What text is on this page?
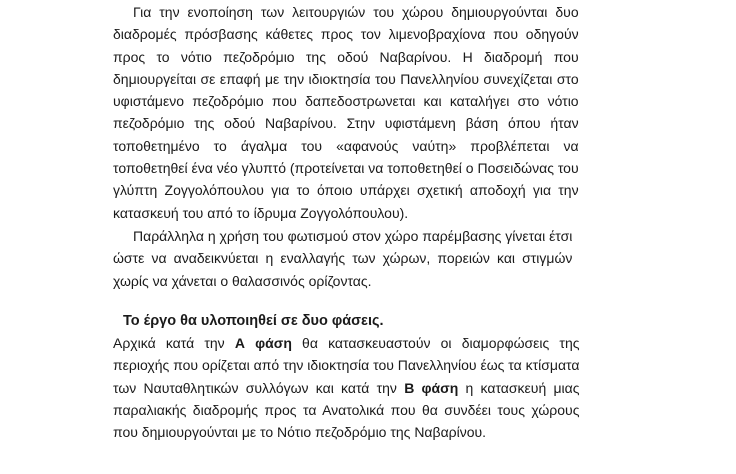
Για την ενοποίηση των λειτουργιών του χώρου δημιουργούνται δυο
διαδρομές πρόσβασης κάθετες προς τον λιμενοβραχίονα που οδηγούν
προς το νότιο πεζοδρόμιο της οδού Ναβαρίνου. Η διαδρομή που
δημιουργείται σε επαφή με την ιδιοκτησία του Πανελληνίου συνεχίζεται στο
υφιστάμενο πεζοδρόμιο που δαπεδοστρωνεται και καταλήγει στο νότιο
πεζοδρόμιο της οδού Ναβαρίνου. Στην υφιστάμενη βάση όπου ήταν
τοποθετημένο το άγαλμα του «αφανούς ναύτη» προβλέπεται να
τοποθετηθεί ένα νέο γλυπτό (προτείνεται να τοποθετηθεί ο Ποσειδώνας του
γλύπτη Ζογγολόπουλου για το όποιο υπάρχει σχετική αποδοχή για την
κατασκευή του από το ίδρυμα Ζογγολόπουλου).

Παράλληλα η χρήση του φωτισμού στον χώρο παρέμβασης γίνεται έτσι
ώστε να αναδεικνύεται η εναλλαγής των χώρων, πορειών και στιγμών
χωρίς να χάνεται ο θαλασσινός ορίζοντας.

Το έργο θα υλοποιηθεί σε δυο φάσεις.

Αρχικά κατά την Α φάση θα κατασκευαστούν οι διαμορφώσεις της
περιοχής που ορίζεται από την ιδιοκτησία του Πανελληνίου έως τα κτίσματα
των Ναυταθλητικών συλλόγων και κατά την Β φάση η κατασκευή μιας
παραλιακής διαδρομής προς τα Ανατολικά που θα συνδέει τους χώρους
που δημιουργούνται με το Νότιο πεζοδρόμιο της Ναβαρίνου.
